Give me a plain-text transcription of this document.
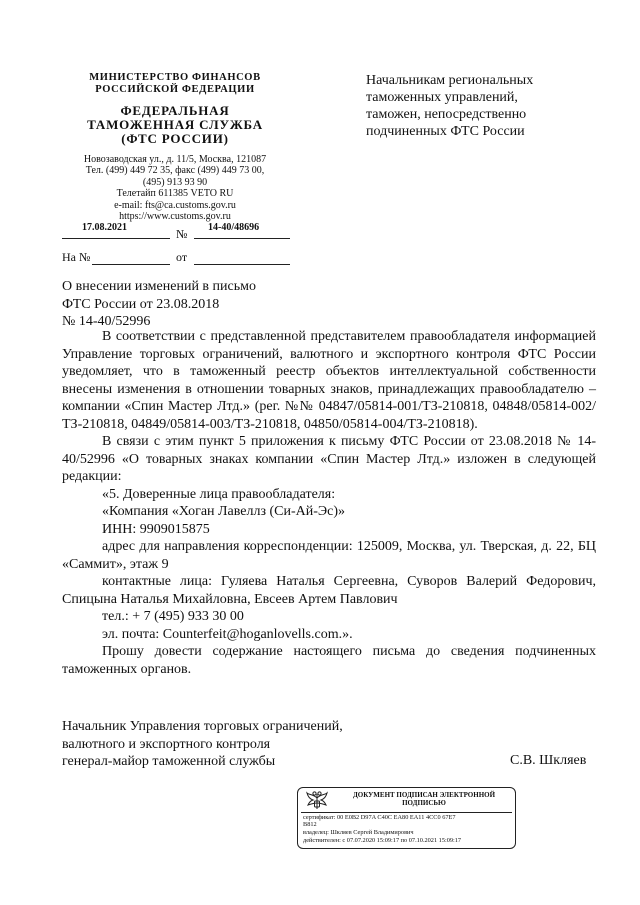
МИНИСТЕРСТВО ФИНАНСОВ
РОССИЙСКОЙ ФЕДЕРАЦИИ
ФЕДЕРАЛЬНАЯ
ТАМОЖЕННАЯ СЛУЖБА
(ФТС РОССИИ)
Новозаводская ул., д. 11/5, Москва, 121087
Тел. (499) 449 72 35, факс (499) 449 73 00,
(495) 913 93 90
Телетайп 611385 VETO RU
e-mail: fts@ca.customs.gov.ru
https://www.customs.gov.ru
17.08.2021	№ 14-40/48696
На №	от
Начальникам региональных
таможенных управлений,
таможен, непосредственно
подчиненных ФТС России
О внесении изменений в письмо
ФТС России от 23.08.2018
№ 14-40/52996

В соответствии с представленной представителем правообладателя информацией Управление торговых ограничений, валютного и экспортного контроля ФТС России уведомляет, что в таможенный реестр объектов интеллектуальной собственности внесены изменения в отношении товарных знаков, принадлежащих правообладателю – компании «Спин Мастер Лтд.» (рег. №№ 04847/05814-001/ТЗ-210818, 04848/05814-002/ТЗ-210818, 04849/05814-003/ТЗ-210818, 04850/05814-004/ТЗ-210818).

В связи с этим пункт 5 приложения к письму ФТС России от 23.08.2018 № 14-40/52996 «О товарных знаках компании «Спин Мастер Лтд.» изложен в следующей редакции:

«5. Доверенные лица правообладателя:

«Компания «Хоган Лавеллз (Си-Ай-Эс)»

ИНН: 9909015875

адрес для направления корреспонденции: 125009, Москва, ул. Тверская, д. 22, БЦ «Саммит», этаж 9

контактные лица: Гуляева Наталья Сергеевна, Суворов Валерий Федорович, Спицына Наталья Михайловна, Евсеев Артем Павлович

тел.: + 7 (495) 933 30 00

эл. почта: Counterfeit@hoganlovells.com.».

Прошу довести содержание настоящего письма до сведения подчиненных таможенных органов.

Начальник Управления торговых ограничений,
валютного и экспортного контроля
генерал-майор таможенной службы	С.В. Шкляев
ДОКУМЕНТ ПОДПИСАН ЭЛЕКТРОННОЙ
ПОДПИСЬЮ
сертификат: 00 E0B2 D97A C40C EA80 EA11 4CC0 67E7
B812
владелец: Шкляев Сергей Владимирович
действителен: с 07.07.2020 15:09:17 по 07.10.2021 15:09:17
